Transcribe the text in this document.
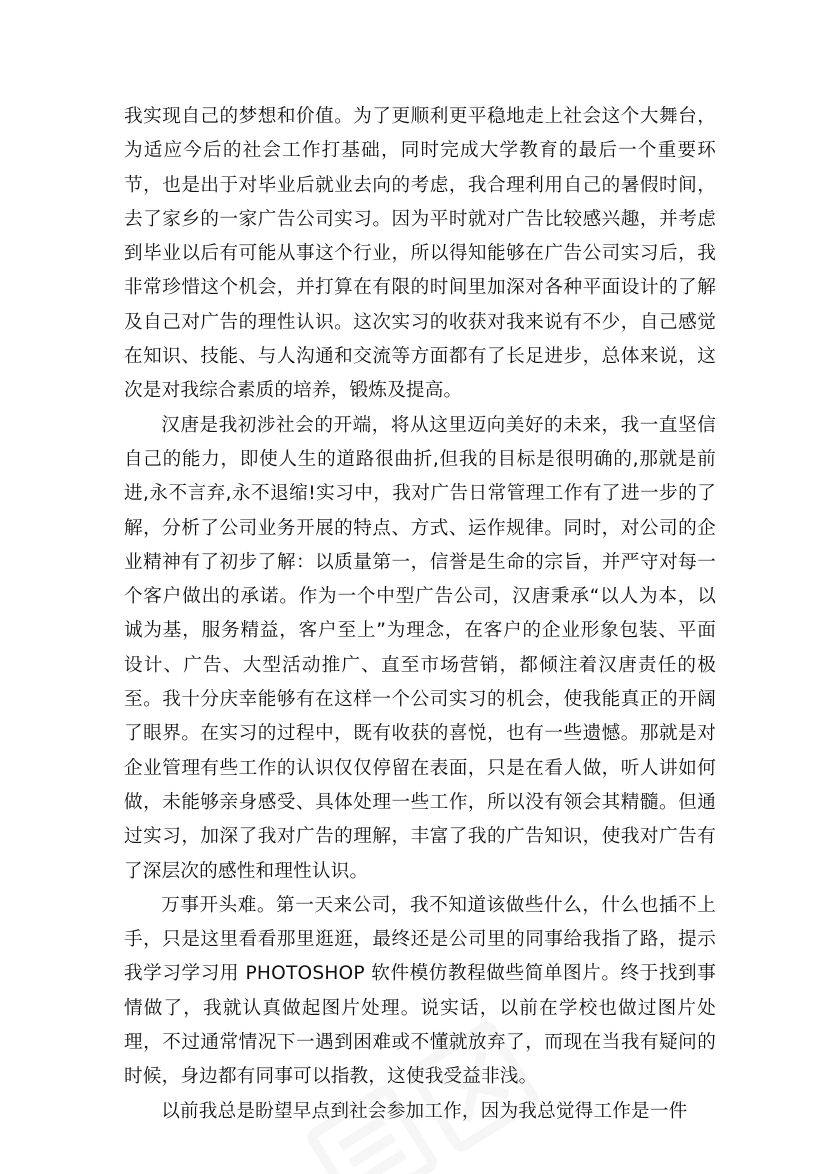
我实现自己的梦想和价值。为了更顺利更平稳地走上社会这个大舞台，为适应今后的社会工作打基础，同时完成大学教育的最后一个重要环节，也是出于对毕业后就业去向的考虑，我合理利用自己的暑假时间，去了家乡的一家广告公司实习。因为平时就对广告比较感兴趣，并考虑到毕业以后有可能从事这个行业，所以得知能够在广告公司实习后，我非常珍惜这个机会，并打算在有限的时间里加深对各种平面设计的了解及自己对广告的理性认识。这次实习的收获对我来说有不少，自己感觉在知识、技能、与人沟通和交流等方面都有了长足进步，总体来说，这次是对我综合素质的培养，锻炼及提高。

汉唐是我初涉社会的开端，将从这里迈向美好的未来，我一直坚信自己的能力，即使人生的道路很曲折,但我的目标是很明确的,那就是前进,永不言弃,永不退缩!实习中，我对广告日常管理工作有了进一步的了解，分析了公司业务开展的特点、方式、运作规律。同时，对公司的企业精神有了初步了解：以质量第一，信誉是生命的宗旨，并严守对每一个客户做出的承诺。作为一个中型广告公司，汉唐秉承“以人为本，以诚为基，服务精益，客户至上”为理念，在客户的企业形象包装、平面设计、广告、大型活动推广、直至市场营销，都倾注着汉唐责任的极至。我十分庆幸能够有在这样一个公司实习的机会，使我能真正的开阔了眼界。在实习的过程中，既有收获的喜悦，也有一些遗憾。那就是对企业管理有些工作的认识仅仅停留在表面，只是在看人做，听人讲如何做，未能够亲身感受、具体处理一些工作，所以没有领会其精髓。但通过实习，加深了我对广告的理解，丰富了我的广告知识，使我对广告有了深层次的感性和理性认识。

万事开头难。第一天来公司，我不知道该做些什么，什么也插不上手，只是这里看看那里逛逛，最终还是公司里的同事给我指了路，提示我学习学习用 PHOTOSHOP 软件模仿教程做些简单图片。终于找到事情做了，我就认真做起图片处理。说实话，以前在学校也做过图片处理，不过通常情况下一遇到困难或不懂就放弃了，而现在当我有疑问的时候，身边都有同事可以指教，这使我受益非浅。

以前我总是盼望早点到社会参加工作，因为我总觉得工作是一件
